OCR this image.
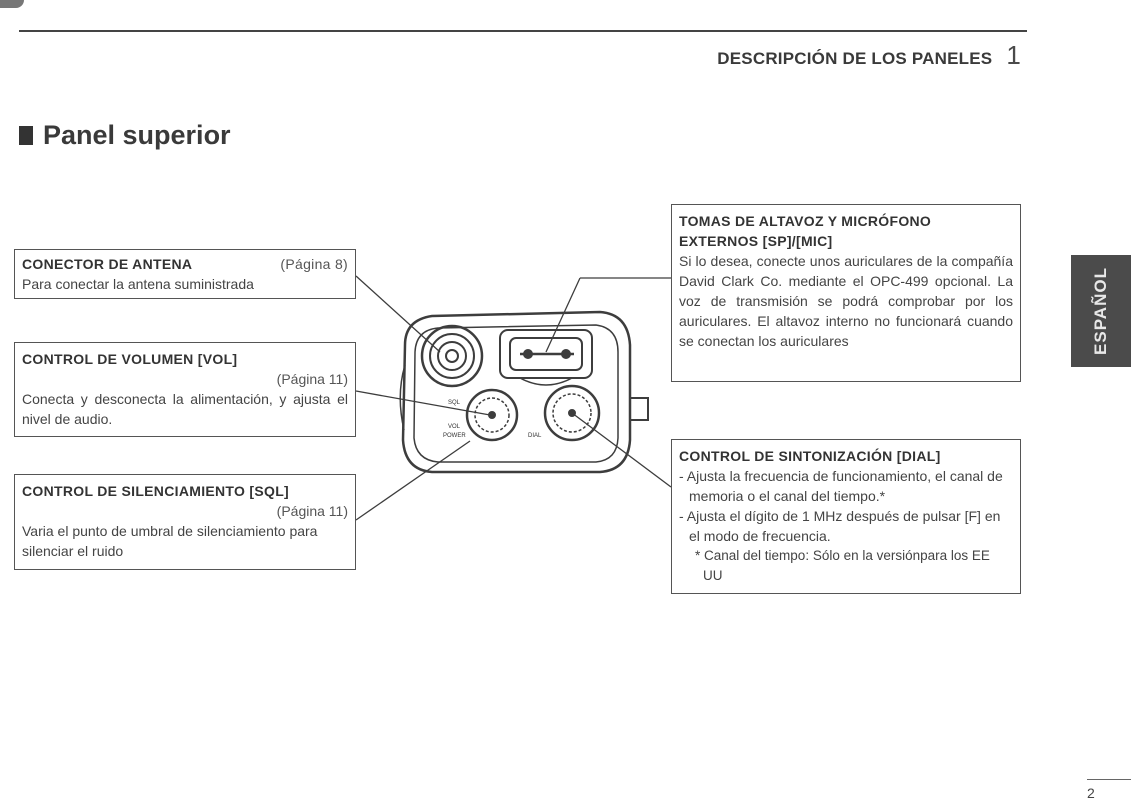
DESCRIPCIÓN DE LOS PANELES 1
Panel superior
SQL
VOL
POWER	DIAL
CONECTOR DE ANTENA	(Página 8)

Para conectar la antena suministrada

CONTROL DE VOLUMEN [VOL]
(Página 11)

Conecta y desconecta la alimentación, y ajusta el nivel de audio.

CONTROL DE SILENCIAMIENTO [SQL]
(Página 11)

Varia el punto de umbral de silenciamiento para silenciar el ruido

TOMAS DE ALTAVOZ Y MICRÓFONO EXTERNOS [SP]/[MIC]

Si lo desea, conecte unos auriculares de la compañía David Clark Co. mediante el OPC-499 opcional. La voz de transmisión se podrá comprobar por los auriculares. El altavoz interno no funcionará cuando se conectan los auriculares

CONTROL DE SINTONIZACIÓN [DIAL]

- Ajusta la frecuencia de funcionamiento, el canal de memoria o el canal del tiempo.*

- Ajusta el dígito de 1 MHz después de pulsar [F] en el modo de frecuencia.

* Canal del tiempo: Sólo en la versiónpara los EE UU

ESPAÑOL
2
